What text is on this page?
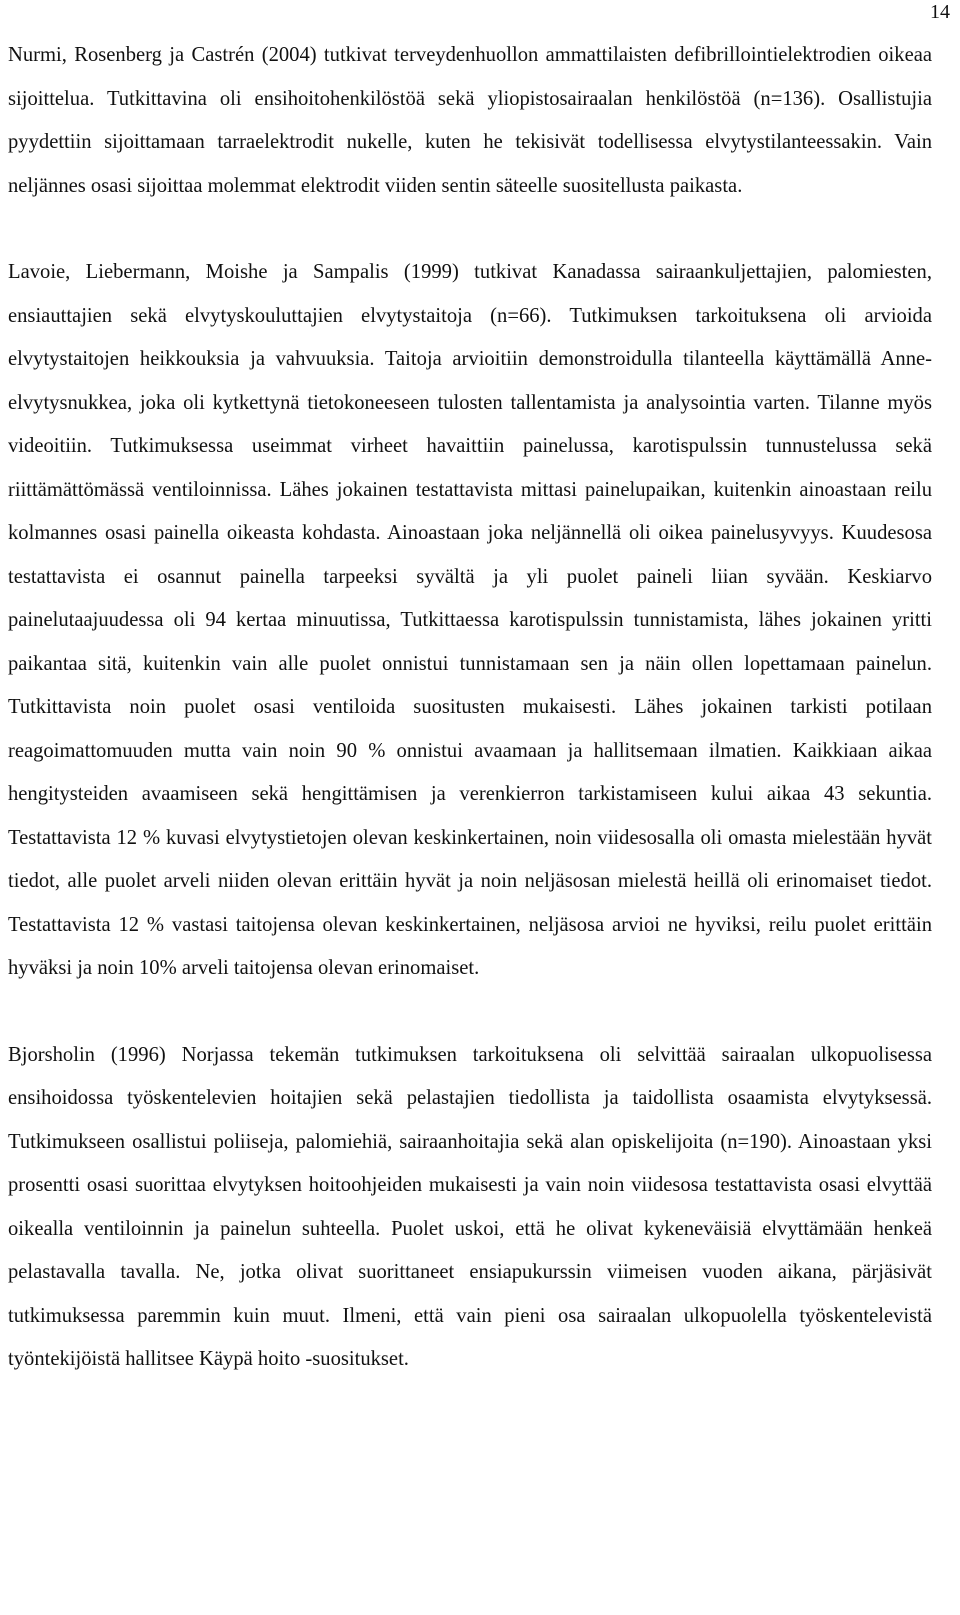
14

Nurmi, Rosenberg ja Castrén (2004) tutkivat terveydenhuollon ammattilaisten defibrillointielektrodien oikeaa sijoittelua. Tutkittavina oli ensihoitohenkilöstöä sekä yliopistosairaalan henkilöstöä (n=136). Osallistujia pyydettiin sijoittamaan tarraelektrodit nukelle, kuten he tekisivät todellisessa elvytystilanteessakin. Vain neljännes osasi sijoittaa molemmat elektrodit viiden sentin säteelle suositellusta paikasta.

Lavoie, Liebermann, Moishe ja Sampalis (1999) tutkivat Kanadassa sairaankuljettajien, palomiesten, ensiauttajien sekä elvytyskouluttajien elvytystaitoja (n=66). Tutkimuksen tarkoituksena oli arvioida elvytystaitojen heikkouksia ja vahvuuksia. Taitoja arvioitiin demonstroidulla tilanteella käyttämällä Anne-elvytysnukkea, joka oli kytkettynä tietokoneeseen tulosten tallentamista ja analysointia varten. Tilanne myös videoitiin. Tutkimuksessa useimmat virheet havaittiin painelussa, karotispulssin tunnustelussa sekä riittämättömässä ventiloinnissa. Lähes jokainen testattavista mittasi painelupaikan, kuitenkin ainoastaan reilu kolmannes osasi painella oikeasta kohdasta. Ainoastaan joka neljännellä oli oikea painelusyvyys. Kuudesosa testattavista ei osannut painella tarpeeksi syvältä ja yli puolet paineli liian syvään. Keskiarvo painelutaajuudessa oli 94 kertaa minuutissa, Tutkittaessa karotispulssin tunnistamista, lähes jokainen yritti paikantaa sitä, kuitenkin vain alle puolet onnistui tunnistamaan sen ja näin ollen lopettamaan painelun. Tutkittavista noin puolet osasi ventiloida suositusten mukaisesti. Lähes jokainen tarkisti potilaan reagoimattomuuden mutta vain noin 90 % onnistui avaamaan ja hallitsemaan ilmatien. Kaikkiaan aikaa hengitysteiden avaamiseen sekä hengittämisen ja verenkierron tarkistamiseen kului aikaa 43 sekuntia. Testattavista 12 % kuvasi elvytystietojen olevan keskinkertainen, noin viidesosalla oli omasta mielestään hyvät tiedot, alle puolet arveli niiden olevan erittäin hyvät ja noin neljäsosan mielestä heillä oli erinomaiset tiedot. Testattavista 12 % vastasi taitojensa olevan keskinkertainen, neljäsosa arvioi ne hyviksi, reilu puolet erittäin hyväksi ja noin 10% arveli taitojensa olevan erinomaiset.

Bjorsholin (1996) Norjassa tekemän tutkimuksen tarkoituksena oli selvittää sairaalan ulkopuolisessa ensihoidossa työskentelevien hoitajien sekä pelastajien tiedollista ja taidollista osaamista elvytyksessä. Tutkimukseen osallistui poliiseja, palomiehiä, sairaanhoitajia sekä alan opiskelijoita (n=190). Ainoastaan yksi prosentti osasi suorittaa elvytyksen hoitoohjeiden mukaisesti ja vain noin viidesosa testattavista osasi elvyttää oikealla ventiloinnin ja painelun suhteella. Puolet uskoi, että he olivat kykeneväisiä elvyttämään henkeä pelastavalla tavalla. Ne, jotka olivat suorittaneet ensiapukurssin viimeisen vuoden aikana, pärjäsivät tutkimuksessa paremmin kuin muut. Ilmeni, että vain pieni osa sairaalan ulkopuolella työskentelevistä työntekijöistä hallitsee Käypä hoito -suositukset.
